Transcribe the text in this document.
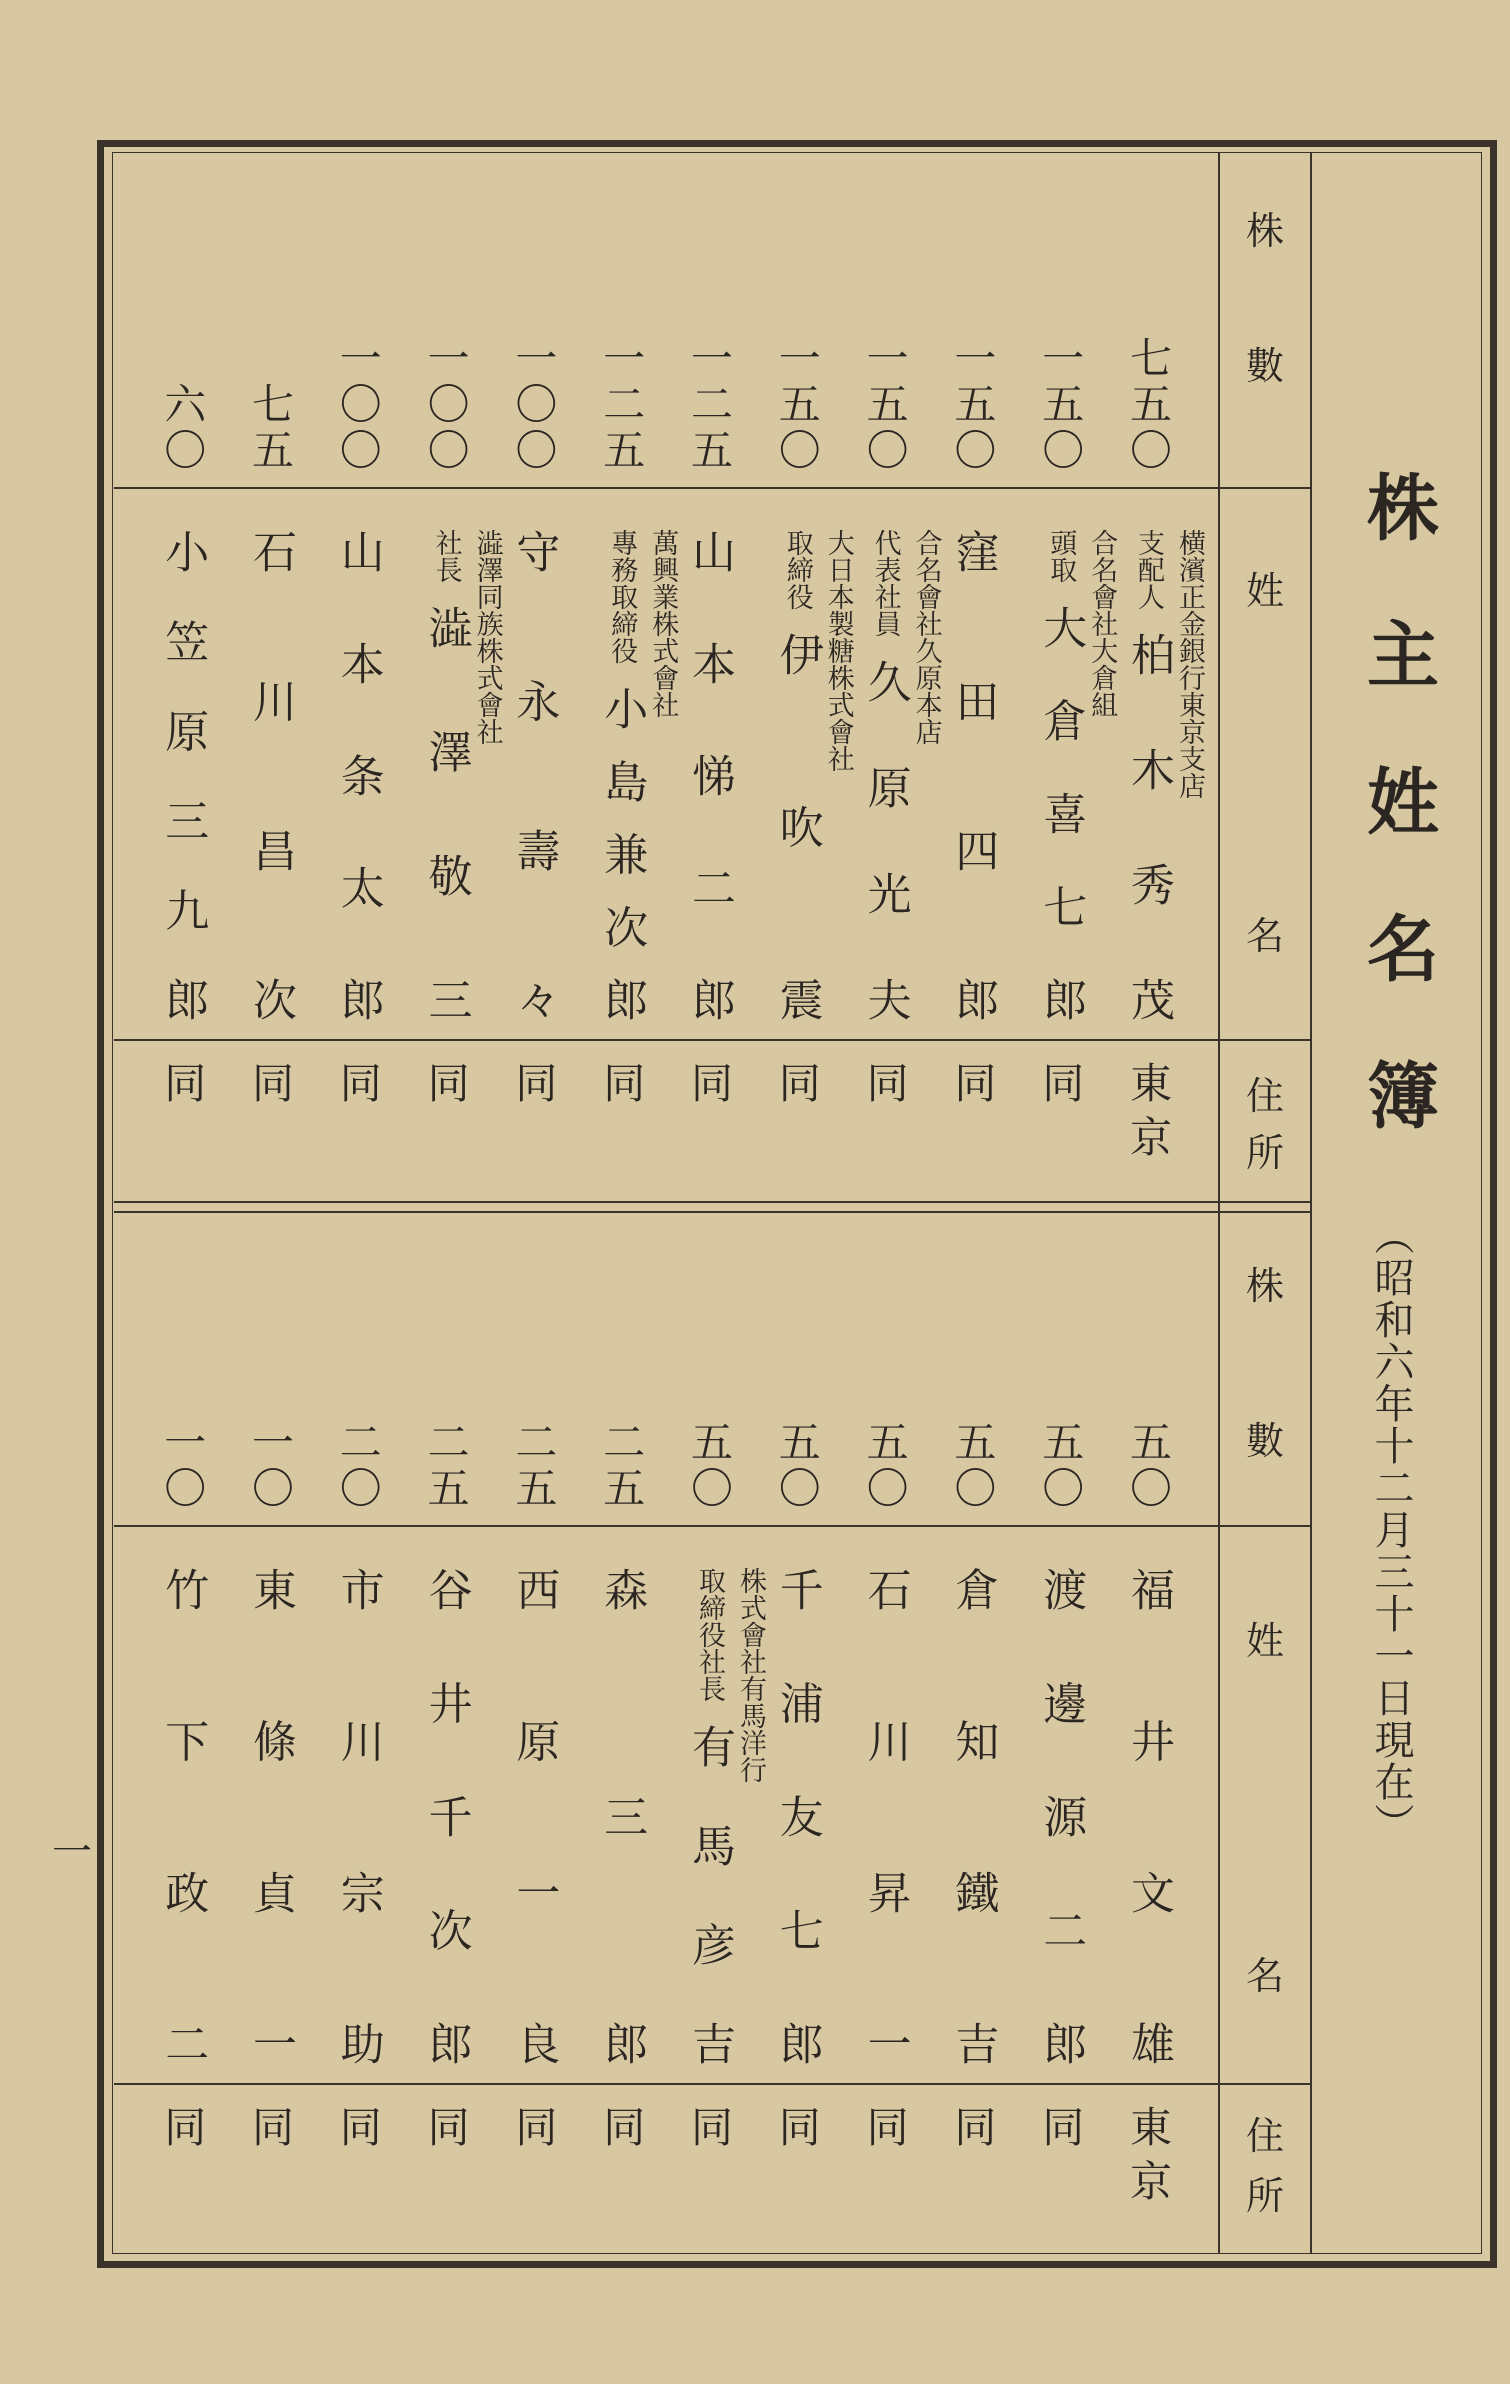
株主姓名簿
（昭和六年十二月三十一日現在）
株
數
姓
名
住
所
株
數
姓
名
住
所
一
七五〇
支配人
柏木秀茂 横濱正金銀行東京支店
東京
一五〇
頭取
大倉喜七郎 合名會社大倉組
同
一五〇
窪田四郎
同
一五〇
代表社員
久原光夫
合名會社久原本店
同
一五〇
取締役
伊吹震 大日本製糖株式會社
同
一二五
山本悌二郎
同
一二五
專務取締役
小島兼次郎
萬興業株式會社
同
一〇〇
守永壽々
同
一〇〇
社長
澁澤敬三 澁澤同族株式會社
同
一〇〇
山本条太郎
同
七五
石川昌次
同
六〇
小笠原三九郎
同
五〇
福井文雄
東京
五〇
渡邊源二郎
同
五〇
倉知鐵吉
同
五〇
石川昇一
同
五〇
千浦友七郎
同
五〇
取締役社長
有馬彦吉
株式會社有馬洋行
同
二五
森三郎
同
二五
西原一良
同
二五
谷井千次郎
同
二〇
市川宗助
同
一〇
東條貞一
同
一〇
竹下政二
同
